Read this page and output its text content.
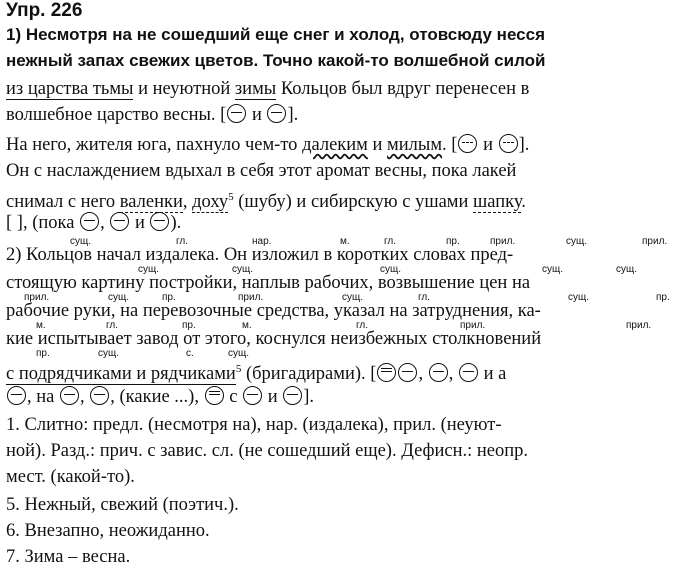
Упр. 226
1) Несмотря на не сошедший еще снег и холод, отовсюду несся
нежный запах свежих цветов. Точно какой-то волшебной силой
из царства тьмы и неуютной зимы Кольцов был вдруг перенесен в
волшебное царство весны. [ и ].
На него, жителя юга, пахнуло чем-то далеким и милым. [ и ].
Он с наслаждением вдыхал в себя этот аромат весны, пока лакей
снимал с него валенки, доху$^5$ (шубу) и сибирскую с ушами шапку.
[ ], (пока ,  и ).
сущ.	гл.	нар.	м.	гл.	пр.	прил.	сущ.	прил.
2) Кольцов начал издалека. Он изложил в коротких словах пред-
сущ.	сущ.	сущ.	сущ.	сущ.
стоящую картину постройки, наплыв рабочих, возвышение цен на
прил.	сущ.	пр.	прил.	сущ.	гл.	сущ.	пр.
рабочие руки, на перевозочные средства, указал на затруднения, ка-
м.	гл.	пр.	м.	гл.	прил.	прил.
кие испытывает завод от этого, коснулся неизбежных столкновений
пр.	сущ.	с.	сущ.
с подрядчиками и рядчиками$^5$ (бригадирами). [ , ,  и а
, на , , (какие ...),  с  и ].
1. Слитно: предл. (несмотря на), нар. (издалека), прил. (неуют-
ной). Разд.: прич. с завис. сл. (не сошедший еще). Дефисн.: неопр.
мест. (какой-то).
5. Нежный, свежий (поэтич.).
6. Внезапно, неожиданно.
7. Зима – весна.
